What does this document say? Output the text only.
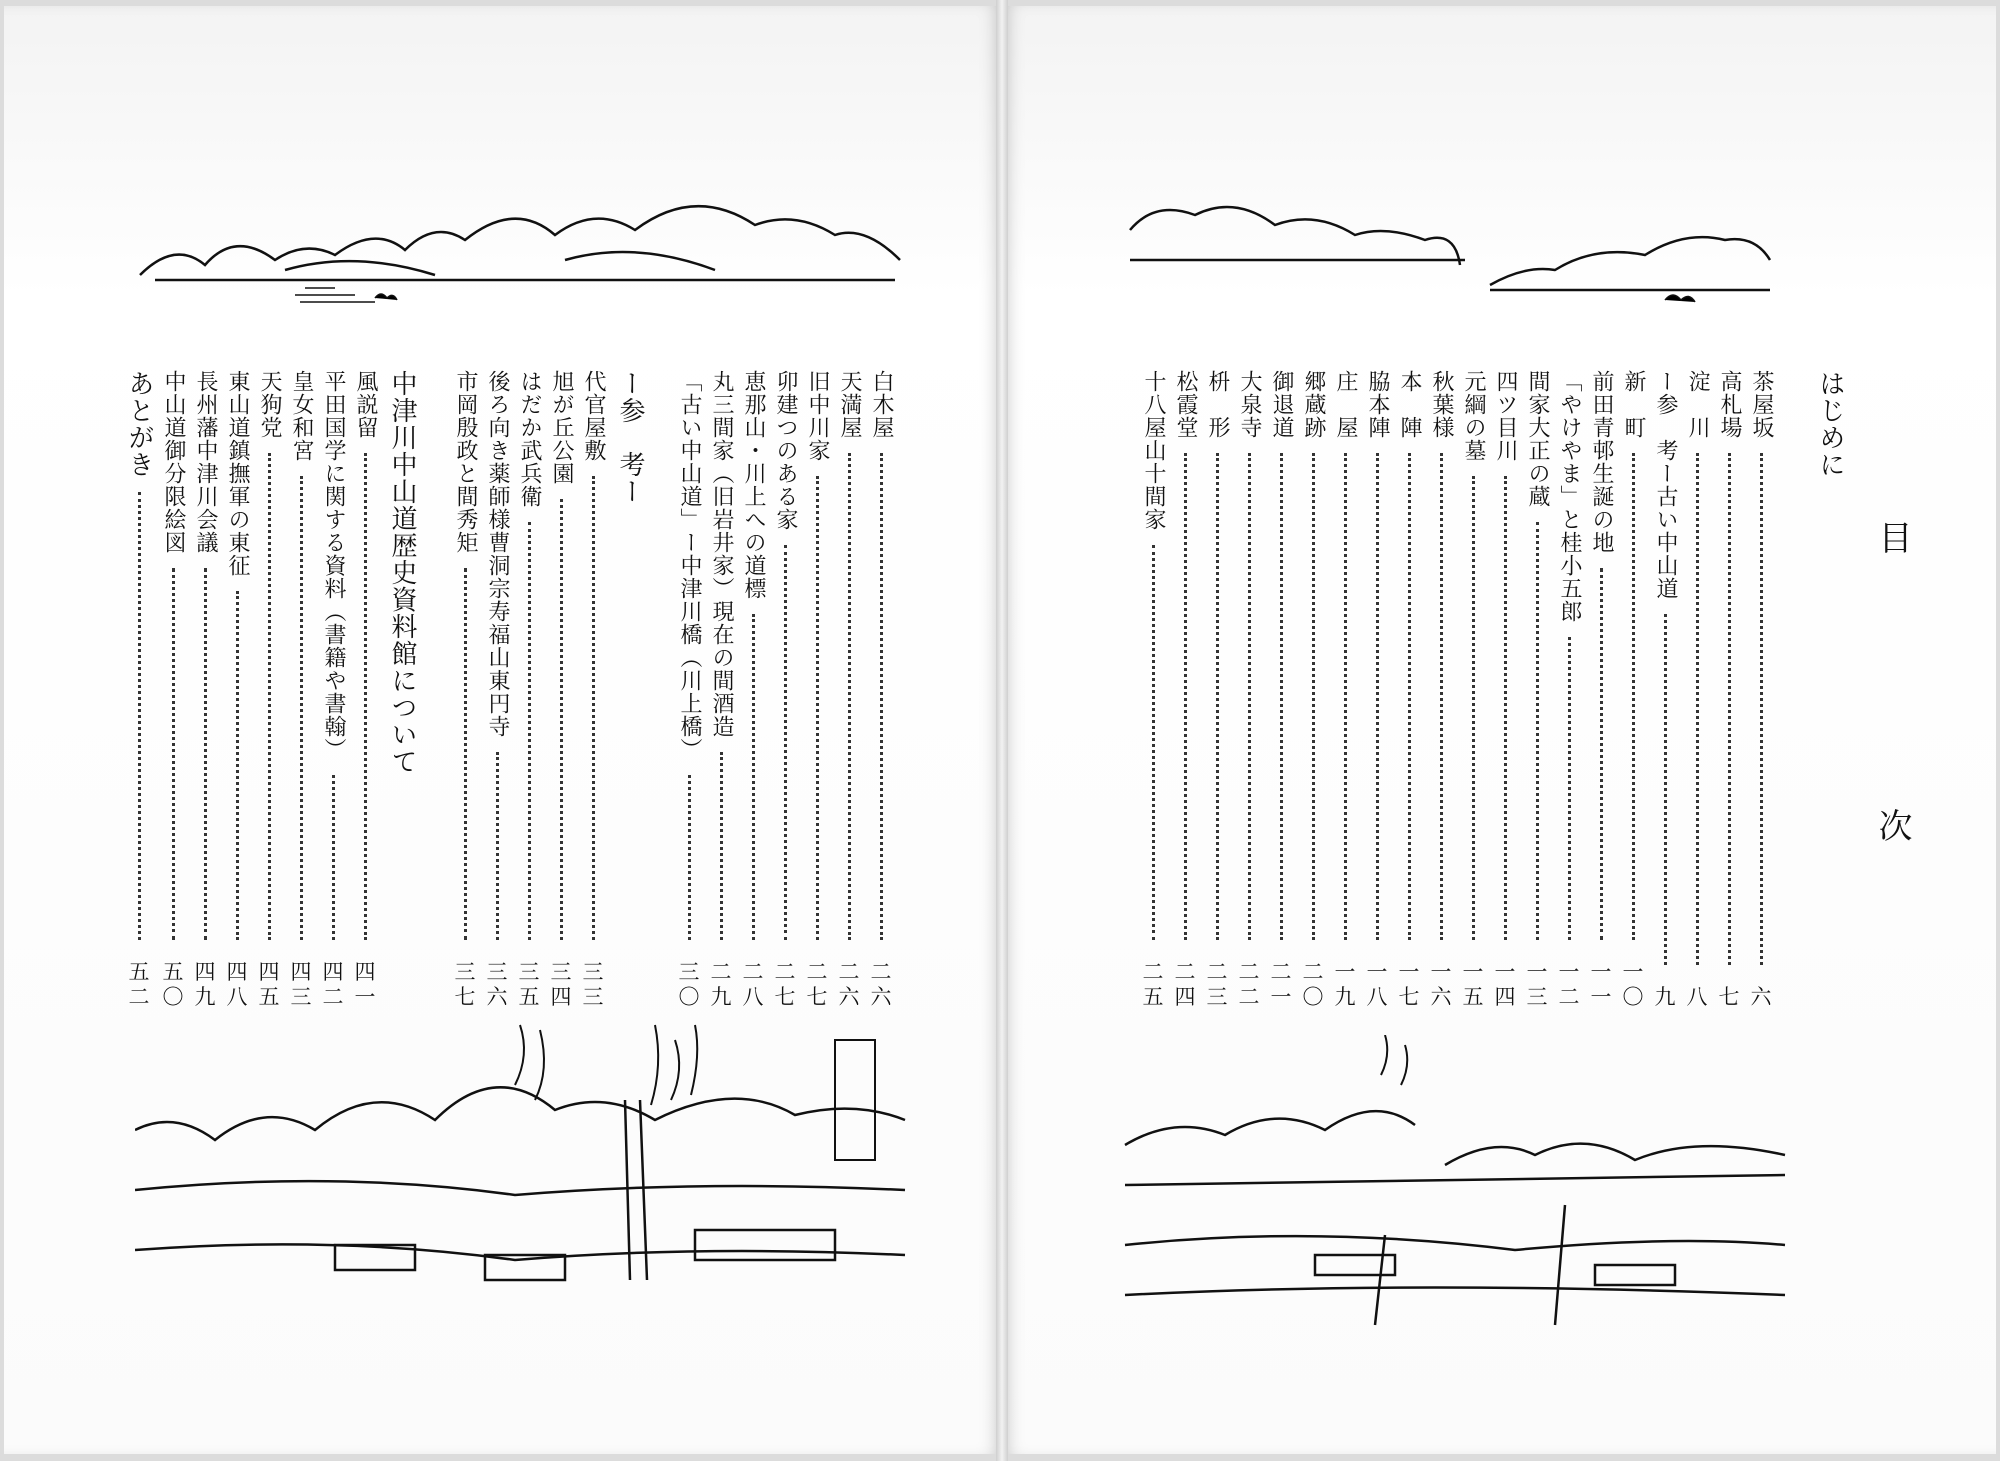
目　次
はじめに
茶屋坂
六
高札場
七
淀　川
八
ー参　考ー古い中山道
九
新　町
一〇
前田青邨生誕の地
一一
「やけやま」と桂小五郎
一二
間家大正の蔵
一三
四ツ目川
一四
元綱の墓
一五
秋葉様
一六
本　陣
一七
脇本陣
一八
庄　屋
一九
郷蔵跡
二〇
御退道
二一
大泉寺
二二
枡　形
二三
松霞堂
二四
十八屋山十間家
二五
白木屋
二六
天満屋
二六
旧中川家
二七
卯建つのある家
二七
恵那山・川上への道標
二八
丸三間家（旧岩井家）現在の間酒造
二九
「古い中山道」ー中津川橋（川上橋）
三〇
ー参　考ー
代官屋敷
三三
旭が丘公園
三四
はだか武兵衛
三五
後ろ向き薬師様曹洞宗寿福山東円寺
三六
市岡殷政と間秀矩
三七
中津川中山道歴史資料館について
風説留
四一
平田国学に関する資料（書籍や書翰）
四二
皇女和宮
四三
天狗党
四五
東山道鎮撫軍の東征
四八
長州藩中津川会議
四九
中山道御分限絵図
五〇
あとがき
五二
